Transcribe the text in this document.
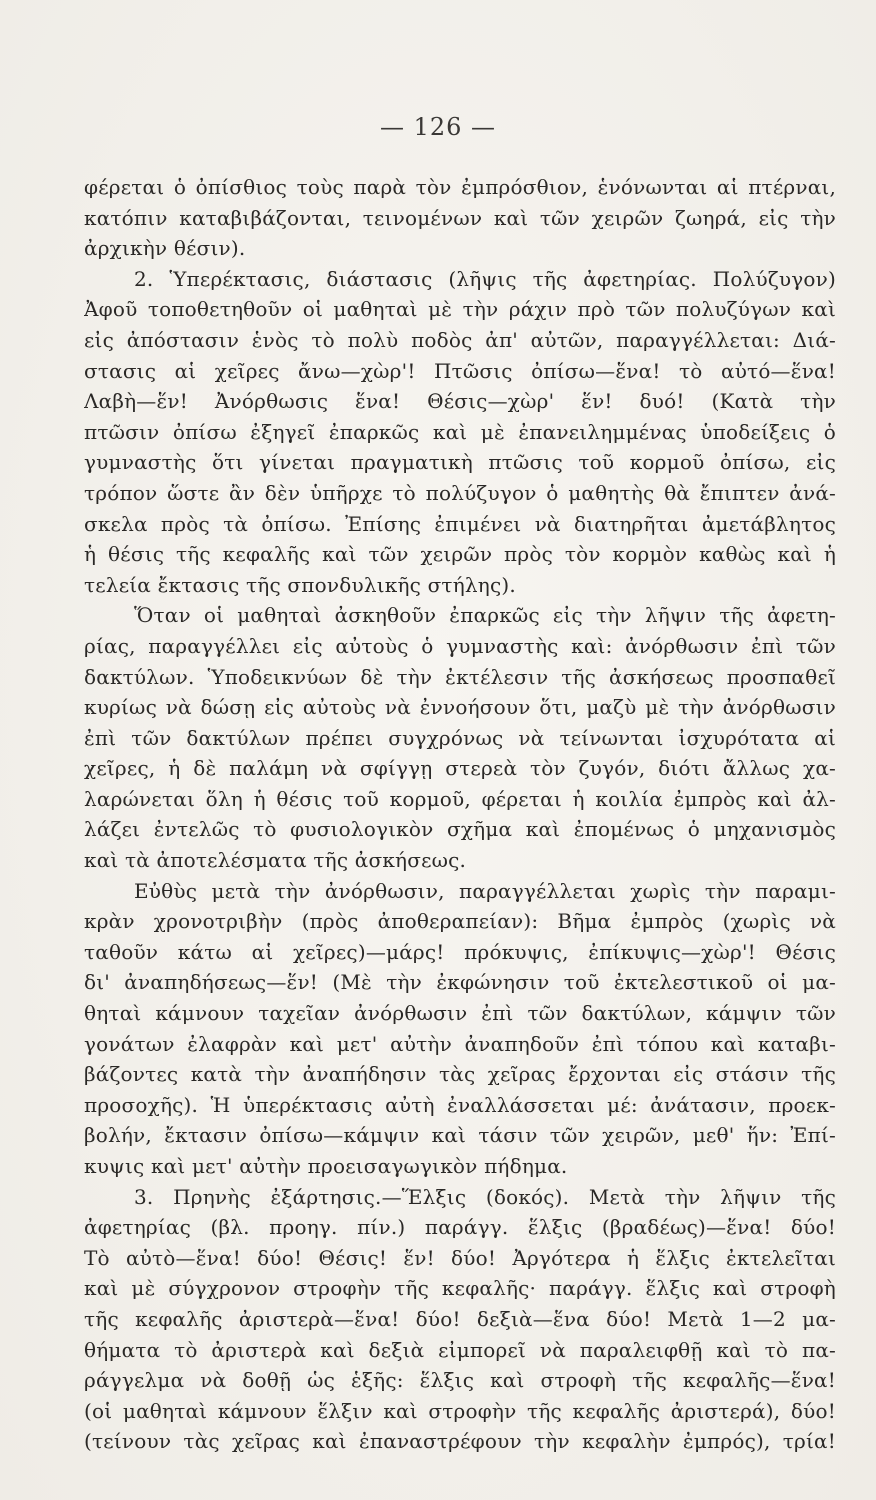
— 126 —
φέρεται ὁ ὀπίσθιος τοὺς παρὰ τὸν ἐμπρόσθιον, ἑνόνωνται αἱ πτέρναι,
κατόπιν καταβιβάζονται, τεινομένων καὶ τῶν χειρῶν ζωηρά, εἰς τὴν
ἀρχικὴν θέσιν).
2. Ὑπερέκτασις, διάστασις (λῆψις τῆς ἀφετηρίας. Πολύζυγον)
Ἀφοῦ τοποθετηθοῦν οἱ μαθηταὶ μὲ τὴν ράχιν πρὸ τῶν πολυζύγων καὶ
εἰς ἀπόστασιν ἑνὸς τὸ πολὺ ποδὸς ἀπ' αὐτῶν, παραγγέλλεται: Διά-
στασις αἱ χεῖρες ἄνω—χὼρ'! Πτῶσις ὀπίσω—ἕνα! τὸ αὐτό—ἕνα!
Λαβὴ—ἕν! Ἀνόρθωσις ἕνα! Θέσις—χὼρ' ἕν! δυό! (Κατὰ τὴν
πτῶσιν ὀπίσω ἐξηγεῖ ἐπαρκῶς καὶ μὲ ἐπανειλημμένας ὑποδείξεις ὁ
γυμναστὴς ὅτι γίνεται πραγματικὴ πτῶσις τοῦ κορμοῦ ὀπίσω, εἰς
τρόπον ὥστε ἂν δὲν ὑπῆρχε τὸ πολύζυγον ὁ μαθητὴς θὰ ἔπιπτεν ἀνά-
σκελα πρὸς τὰ ὀπίσω. Ἐπίσης ἐπιμένει νὰ διατηρῆται ἀμετάβλητος
ἡ θέσις τῆς κεφαλῆς καὶ τῶν χειρῶν πρὸς τὸν κορμὸν καθὼς καὶ ἡ
τελεία ἔκτασις τῆς σπονδυλικῆς στήλης).
Ὅταν οἱ μαθηταὶ ἀσκηθοῦν ἐπαρκῶς εἰς τὴν λῆψιν τῆς ἀφετη-
ρίας, παραγγέλλει εἰς αὐτοὺς ὁ γυμναστὴς καὶ: ἀνόρθωσιν ἐπὶ τῶν
δακτύλων. Ὑποδεικνύων δὲ τὴν ἐκτέλεσιν τῆς ἀσκήσεως προσπαθεῖ
κυρίως νὰ δώσῃ εἰς αὐτοὺς νὰ ἐννοήσουν ὅτι, μαζὺ μὲ τὴν ἀνόρθωσιν
ἐπὶ τῶν δακτύλων πρέπει συγχρόνως νὰ τείνωνται ἰσχυρότατα αἱ
χεῖρες, ἡ δὲ παλάμη νὰ σφίγγῃ στερεὰ τὸν ζυγόν, διότι ἄλλως χα-
λαρώνεται ὅλη ἡ θέσις τοῦ κορμοῦ, φέρεται ἡ κοιλία ἐμπρὸς καὶ ἀλ-
λάζει ἐντελῶς τὸ φυσιολογικὸν σχῆμα καὶ ἐπομένως ὁ μηχανισμὸς
καὶ τὰ ἀποτελέσματα τῆς ἀσκήσεως.
Εὐθὺς μετὰ τὴν ἀνόρθωσιν, παραγγέλλεται χωρὶς τὴν παραμι-
κρὰν χρονοτριβὴν (πρὸς ἀποθεραπείαν): Βῆμα ἐμπρὸς (χωρὶς νὰ
ταθοῦν κάτω αἱ χεῖρες)—μάρς! πρόκυψις, ἐπίκυψις—χὼρ'! Θέσις
δι' ἀναπηδήσεως—ἕν! (Μὲ τὴν ἐκφώνησιν τοῦ ἐκτελεστικοῦ οἱ μα-
θηταὶ κάμνουν ταχεῖαν ἀνόρθωσιν ἐπὶ τῶν δακτύλων, κάμψιν τῶν
γονάτων ἐλαφρὰν καὶ μετ' αὐτὴν ἀναπηδοῦν ἐπὶ τόπου καὶ καταβι-
βάζοντες κατὰ τὴν ἀναπήδησιν τὰς χεῖρας ἔρχονται εἰς στάσιν τῆς
προσοχῆς). Ἡ ὑπερέκτασις αὐτὴ ἐναλλάσσεται μέ: ἀνάτασιν, προεκ-
βολήν, ἔκτασιν ὀπίσω—κάμψιν καὶ τάσιν τῶν χειρῶν, μεθ' ἥν: Ἐπί-
κυψις καὶ μετ' αὐτὴν προεισαγωγικὸν πήδημα.
3. Πρηνὴς ἐξάρτησις.—Ἕλξις (δοκός). Μετὰ τὴν λῆψιν τῆς
ἀφετηρίας (βλ. προηγ. πίν.) παράγγ. ἕλξις (βραδέως)—ἕνα! δύο!
Τὸ αὐτὸ—ἕνα! δύο! Θέσις! ἕν! δύο! Ἀργότερα ἡ ἕλξις ἐκτελεῖται
καὶ μὲ σύγχρονον στροφὴν τῆς κεφαλῆς· παράγγ. ἕλξις καὶ στροφὴ
τῆς κεφαλῆς ἀριστερὰ—ἕνα! δύο! δεξιὰ—ἕνα δύο! Μετὰ 1—2 μα-
θήματα τὸ ἀριστερὰ καὶ δεξιὰ εἰμπορεῖ νὰ παραλειφθῇ καὶ τὸ πα-
ράγγελμα νὰ δοθῇ ὡς ἑξῆς: ἕλξις καὶ στροφὴ τῆς κεφαλῆς—ἕνα!
(οἱ μαθηταὶ κάμνουν ἕλξιν καὶ στροφὴν τῆς κεφαλῆς ἀριστερά), δύο!
(τείνουν τὰς χεῖρας καὶ ἐπαναστρέφουν τὴν κεφαλὴν ἐμπρός), τρία!
